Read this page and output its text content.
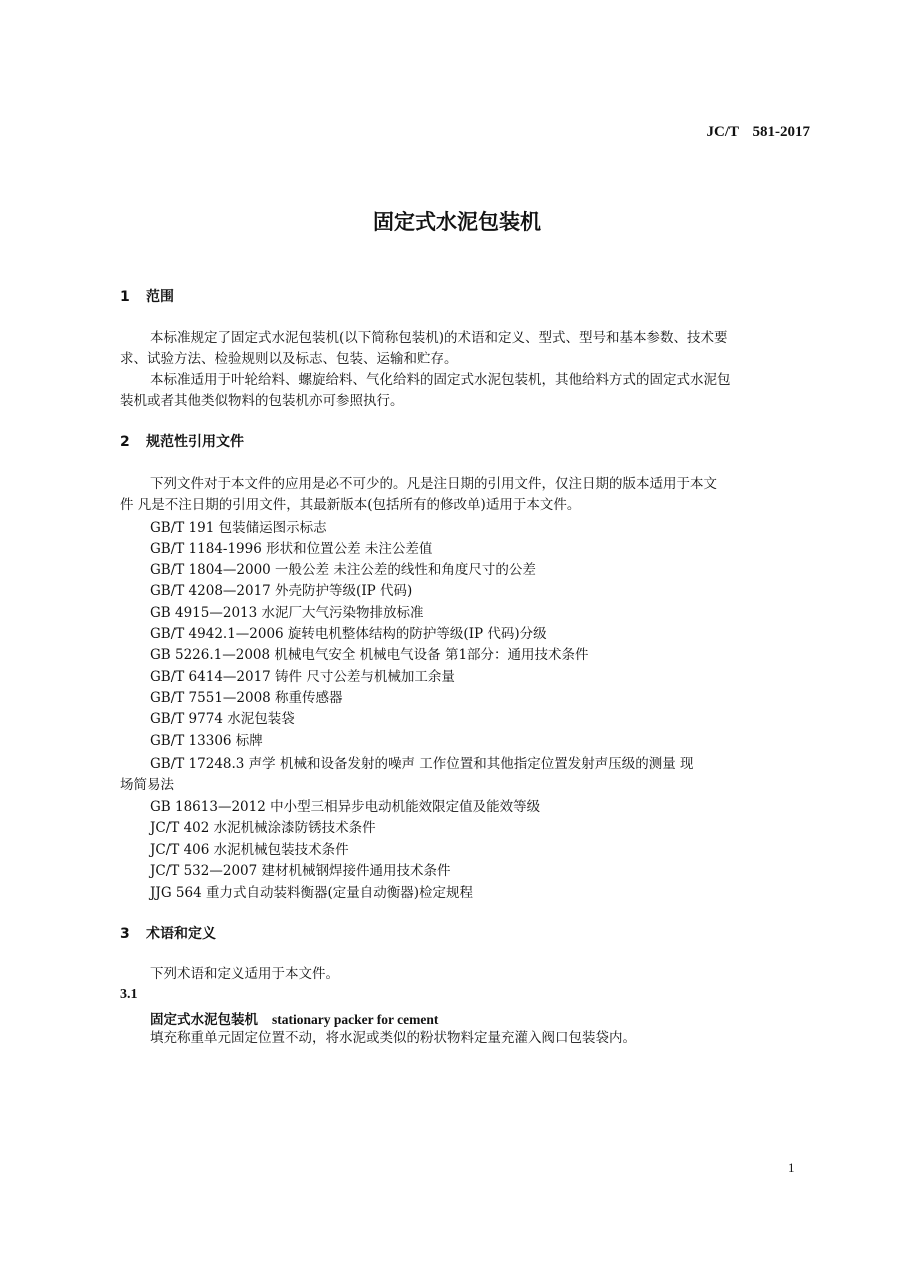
JC/T 581-2017
固定式水泥包装机
1 范围
本标准规定了固定式水泥包装机(以下简称包装机)的术语和定义、型式、型号和基本参数、技术要
求、试验方法、检验规则以及标志、包装、运输和贮存。
本标准适用于叶轮给料、螺旋给料、气化给料的固定式水泥包装机，其他给料方式的固定式水泥包
装机或者其他类似物料的包装机亦可参照执行。
2 规范性引用文件
下列文件对于本文件的应用是必不可少的。凡是注日期的引用文件，仅注日期的版本适用于本文
件 凡是不注日期的引用文件，其最新版本(包括所有的修改单)适用于本文件。
GB/T 191 包装储运图示标志
GB/T 1184-1996 形状和位置公差 未注公差值
GB/T 1804—2000 一般公差 未注公差的线性和角度尺寸的公差
GB/T 4208—2017 外壳防护等级(IP 代码)
GB 4915—2013 水泥厂大气污染物排放标准
GB/T 4942.1—2006 旋转电机整体结构的防护等级(IP 代码)分级
GB 5226.1—2008 机械电气安全 机械电气设备 第1部分：通用技术条件
GB/T 6414—2017 铸件 尺寸公差与机械加工余量
GB/T 7551—2008 称重传感器
GB/T 9774 水泥包装袋
GB/T 13306 标牌
GB/T 17248.3 声学 机械和设备发射的噪声 工作位置和其他指定位置发射声压级的测量 现
场简易法
GB 18613—2012 中小型三相异步电动机能效限定值及能效等级
JC/T 402 水泥机械涂漆防锈技术条件
JC/T 406 水泥机械包装技术条件
JC/T 532—2007 建材机械钢焊接件通用技术条件
JJG 564 重力式自动装料衡器(定量自动衡器)检定规程
3 术语和定义
下列术语和定义适用于本文件。
3.1
固定式水泥包装机 stationary packer for cement
填充称重单元固定位置不动，将水泥或类似的粉状物料定量充灌入阀口包装袋内。
1
